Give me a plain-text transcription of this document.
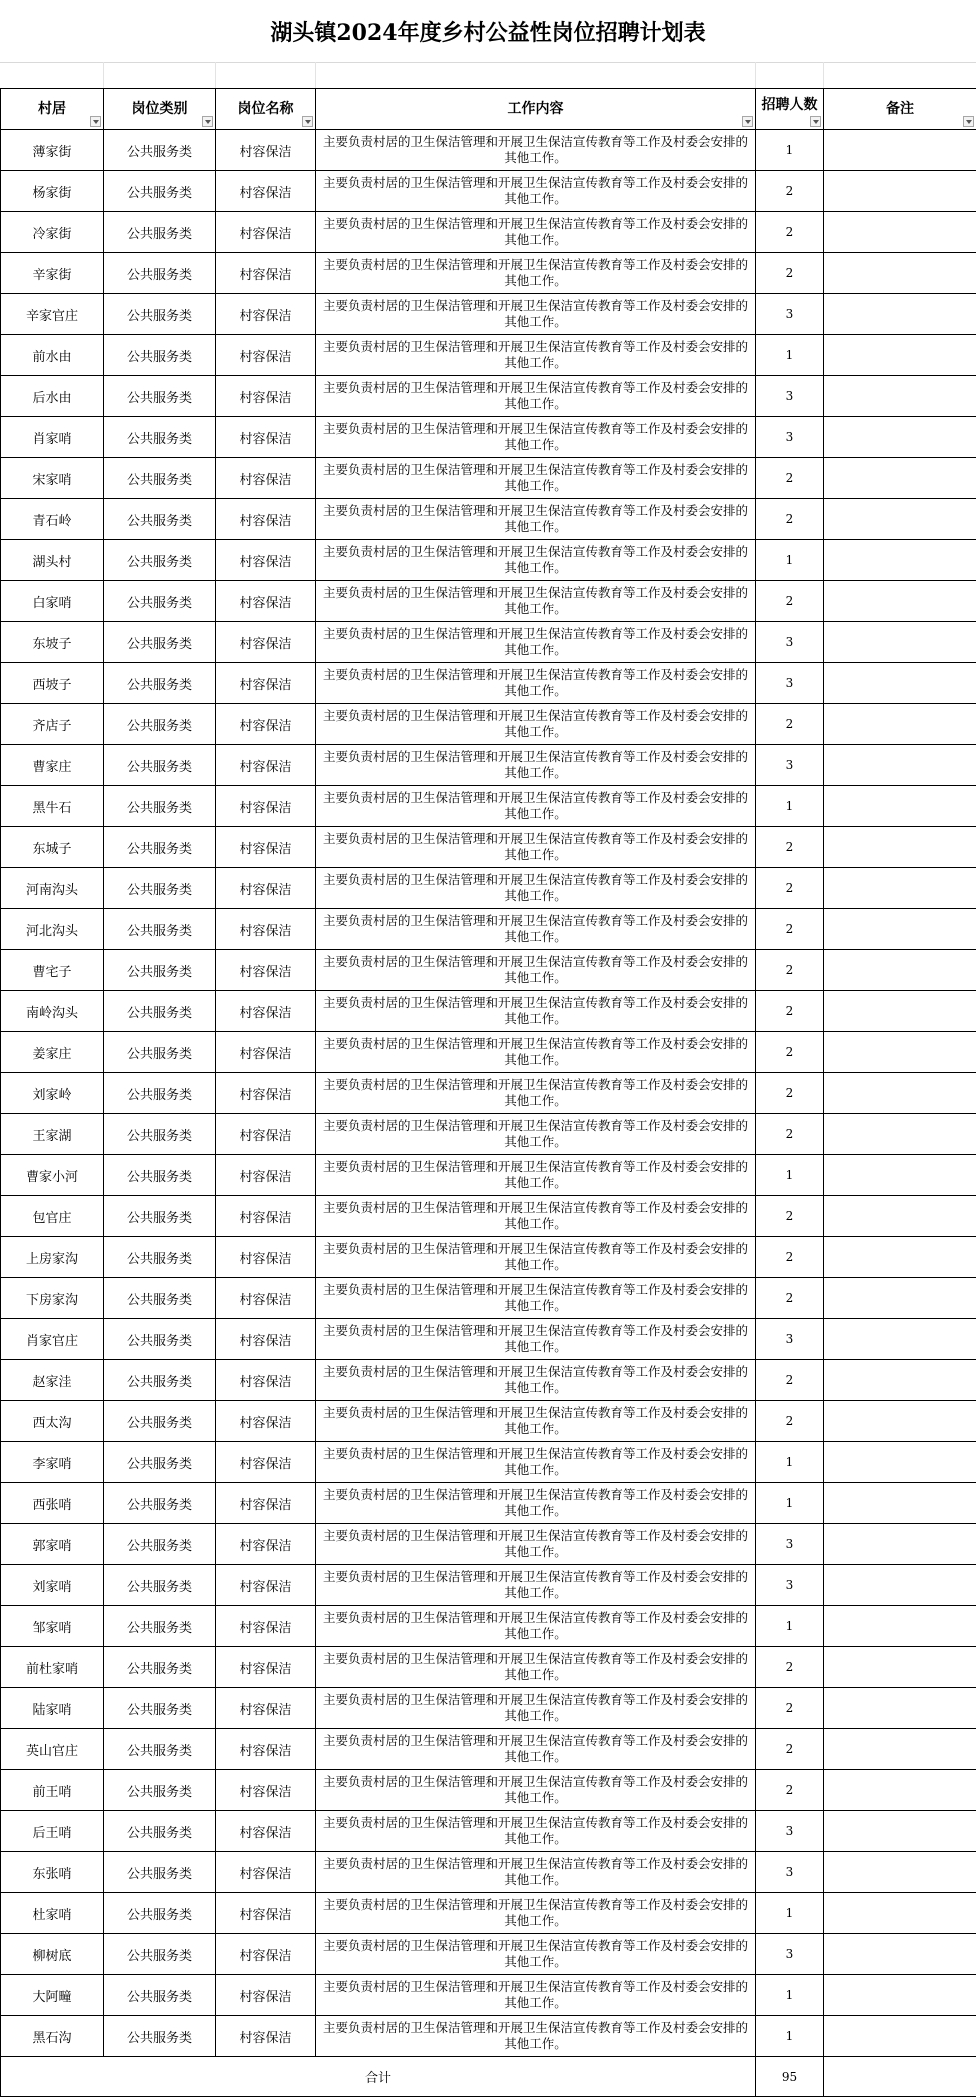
湖头镇2024年度乡村公益性岗位招聘计划表
村居	岗位类别	岗位名称	工作内容	招聘人数	备注

薄家街	公共服务类	村容保洁	主要负责村居的卫生保洁管理和开展卫生保洁宣传教育等工作及村委会安排的其他工作。	1	
杨家街	公共服务类	村容保洁	主要负责村居的卫生保洁管理和开展卫生保洁宣传教育等工作及村委会安排的其他工作。	2	
冷家街	公共服务类	村容保洁	主要负责村居的卫生保洁管理和开展卫生保洁宣传教育等工作及村委会安排的其他工作。	2	
辛家街	公共服务类	村容保洁	主要负责村居的卫生保洁管理和开展卫生保洁宣传教育等工作及村委会安排的其他工作。	2	
辛家官庄	公共服务类	村容保洁	主要负责村居的卫生保洁管理和开展卫生保洁宣传教育等工作及村委会安排的其他工作。	3	
前水由	公共服务类	村容保洁	主要负责村居的卫生保洁管理和开展卫生保洁宣传教育等工作及村委会安排的其他工作。	1	
后水由	公共服务类	村容保洁	主要负责村居的卫生保洁管理和开展卫生保洁宣传教育等工作及村委会安排的其他工作。	3	
肖家哨	公共服务类	村容保洁	主要负责村居的卫生保洁管理和开展卫生保洁宣传教育等工作及村委会安排的其他工作。	3	
宋家哨	公共服务类	村容保洁	主要负责村居的卫生保洁管理和开展卫生保洁宣传教育等工作及村委会安排的其他工作。	2	
青石岭	公共服务类	村容保洁	主要负责村居的卫生保洁管理和开展卫生保洁宣传教育等工作及村委会安排的其他工作。	2	
湖头村	公共服务类	村容保洁	主要负责村居的卫生保洁管理和开展卫生保洁宣传教育等工作及村委会安排的其他工作。	1	
白家哨	公共服务类	村容保洁	主要负责村居的卫生保洁管理和开展卫生保洁宣传教育等工作及村委会安排的其他工作。	2	
东坡子	公共服务类	村容保洁	主要负责村居的卫生保洁管理和开展卫生保洁宣传教育等工作及村委会安排的其他工作。	3	
西坡子	公共服务类	村容保洁	主要负责村居的卫生保洁管理和开展卫生保洁宣传教育等工作及村委会安排的其他工作。	3	
齐店子	公共服务类	村容保洁	主要负责村居的卫生保洁管理和开展卫生保洁宣传教育等工作及村委会安排的其他工作。	2	
曹家庄	公共服务类	村容保洁	主要负责村居的卫生保洁管理和开展卫生保洁宣传教育等工作及村委会安排的其他工作。	3	
黑牛石	公共服务类	村容保洁	主要负责村居的卫生保洁管理和开展卫生保洁宣传教育等工作及村委会安排的其他工作。	1	
东城子	公共服务类	村容保洁	主要负责村居的卫生保洁管理和开展卫生保洁宣传教育等工作及村委会安排的其他工作。	2	
河南沟头	公共服务类	村容保洁	主要负责村居的卫生保洁管理和开展卫生保洁宣传教育等工作及村委会安排的其他工作。	2	
河北沟头	公共服务类	村容保洁	主要负责村居的卫生保洁管理和开展卫生保洁宣传教育等工作及村委会安排的其他工作。	2	
曹宅子	公共服务类	村容保洁	主要负责村居的卫生保洁管理和开展卫生保洁宣传教育等工作及村委会安排的其他工作。	2	
南岭沟头	公共服务类	村容保洁	主要负责村居的卫生保洁管理和开展卫生保洁宣传教育等工作及村委会安排的其他工作。	2	
姜家庄	公共服务类	村容保洁	主要负责村居的卫生保洁管理和开展卫生保洁宣传教育等工作及村委会安排的其他工作。	2	
刘家岭	公共服务类	村容保洁	主要负责村居的卫生保洁管理和开展卫生保洁宣传教育等工作及村委会安排的其他工作。	2	
王家湖	公共服务类	村容保洁	主要负责村居的卫生保洁管理和开展卫生保洁宣传教育等工作及村委会安排的其他工作。	2	
曹家小河	公共服务类	村容保洁	主要负责村居的卫生保洁管理和开展卫生保洁宣传教育等工作及村委会安排的其他工作。	1	
包官庄	公共服务类	村容保洁	主要负责村居的卫生保洁管理和开展卫生保洁宣传教育等工作及村委会安排的其他工作。	2	
上房家沟	公共服务类	村容保洁	主要负责村居的卫生保洁管理和开展卫生保洁宣传教育等工作及村委会安排的其他工作。	2	
下房家沟	公共服务类	村容保洁	主要负责村居的卫生保洁管理和开展卫生保洁宣传教育等工作及村委会安排的其他工作。	2	
肖家官庄	公共服务类	村容保洁	主要负责村居的卫生保洁管理和开展卫生保洁宣传教育等工作及村委会安排的其他工作。	3	
赵家洼	公共服务类	村容保洁	主要负责村居的卫生保洁管理和开展卫生保洁宣传教育等工作及村委会安排的其他工作。	2	
西太沟	公共服务类	村容保洁	主要负责村居的卫生保洁管理和开展卫生保洁宣传教育等工作及村委会安排的其他工作。	2	
李家哨	公共服务类	村容保洁	主要负责村居的卫生保洁管理和开展卫生保洁宣传教育等工作及村委会安排的其他工作。	1	
西张哨	公共服务类	村容保洁	主要负责村居的卫生保洁管理和开展卫生保洁宣传教育等工作及村委会安排的其他工作。	1	
郭家哨	公共服务类	村容保洁	主要负责村居的卫生保洁管理和开展卫生保洁宣传教育等工作及村委会安排的其他工作。	3	
刘家哨	公共服务类	村容保洁	主要负责村居的卫生保洁管理和开展卫生保洁宣传教育等工作及村委会安排的其他工作。	3	
邹家哨	公共服务类	村容保洁	主要负责村居的卫生保洁管理和开展卫生保洁宣传教育等工作及村委会安排的其他工作。	1	
前杜家哨	公共服务类	村容保洁	主要负责村居的卫生保洁管理和开展卫生保洁宣传教育等工作及村委会安排的其他工作。	2	
陆家哨	公共服务类	村容保洁	主要负责村居的卫生保洁管理和开展卫生保洁宣传教育等工作及村委会安排的其他工作。	2	
英山官庄	公共服务类	村容保洁	主要负责村居的卫生保洁管理和开展卫生保洁宣传教育等工作及村委会安排的其他工作。	2	
前王哨	公共服务类	村容保洁	主要负责村居的卫生保洁管理和开展卫生保洁宣传教育等工作及村委会安排的其他工作。	2	
后王哨	公共服务类	村容保洁	主要负责村居的卫生保洁管理和开展卫生保洁宣传教育等工作及村委会安排的其他工作。	3	
东张哨	公共服务类	村容保洁	主要负责村居的卫生保洁管理和开展卫生保洁宣传教育等工作及村委会安排的其他工作。	3	
杜家哨	公共服务类	村容保洁	主要负责村居的卫生保洁管理和开展卫生保洁宣传教育等工作及村委会安排的其他工作。	1	
柳树底	公共服务类	村容保洁	主要负责村居的卫生保洁管理和开展卫生保洁宣传教育等工作及村委会安排的其他工作。	3	
大阿疃	公共服务类	村容保洁	主要负责村居的卫生保洁管理和开展卫生保洁宣传教育等工作及村委会安排的其他工作。	1	
黑石沟	公共服务类	村容保洁	主要负责村居的卫生保洁管理和开展卫生保洁宣传教育等工作及村委会安排的其他工作。	1	
合计				95	
